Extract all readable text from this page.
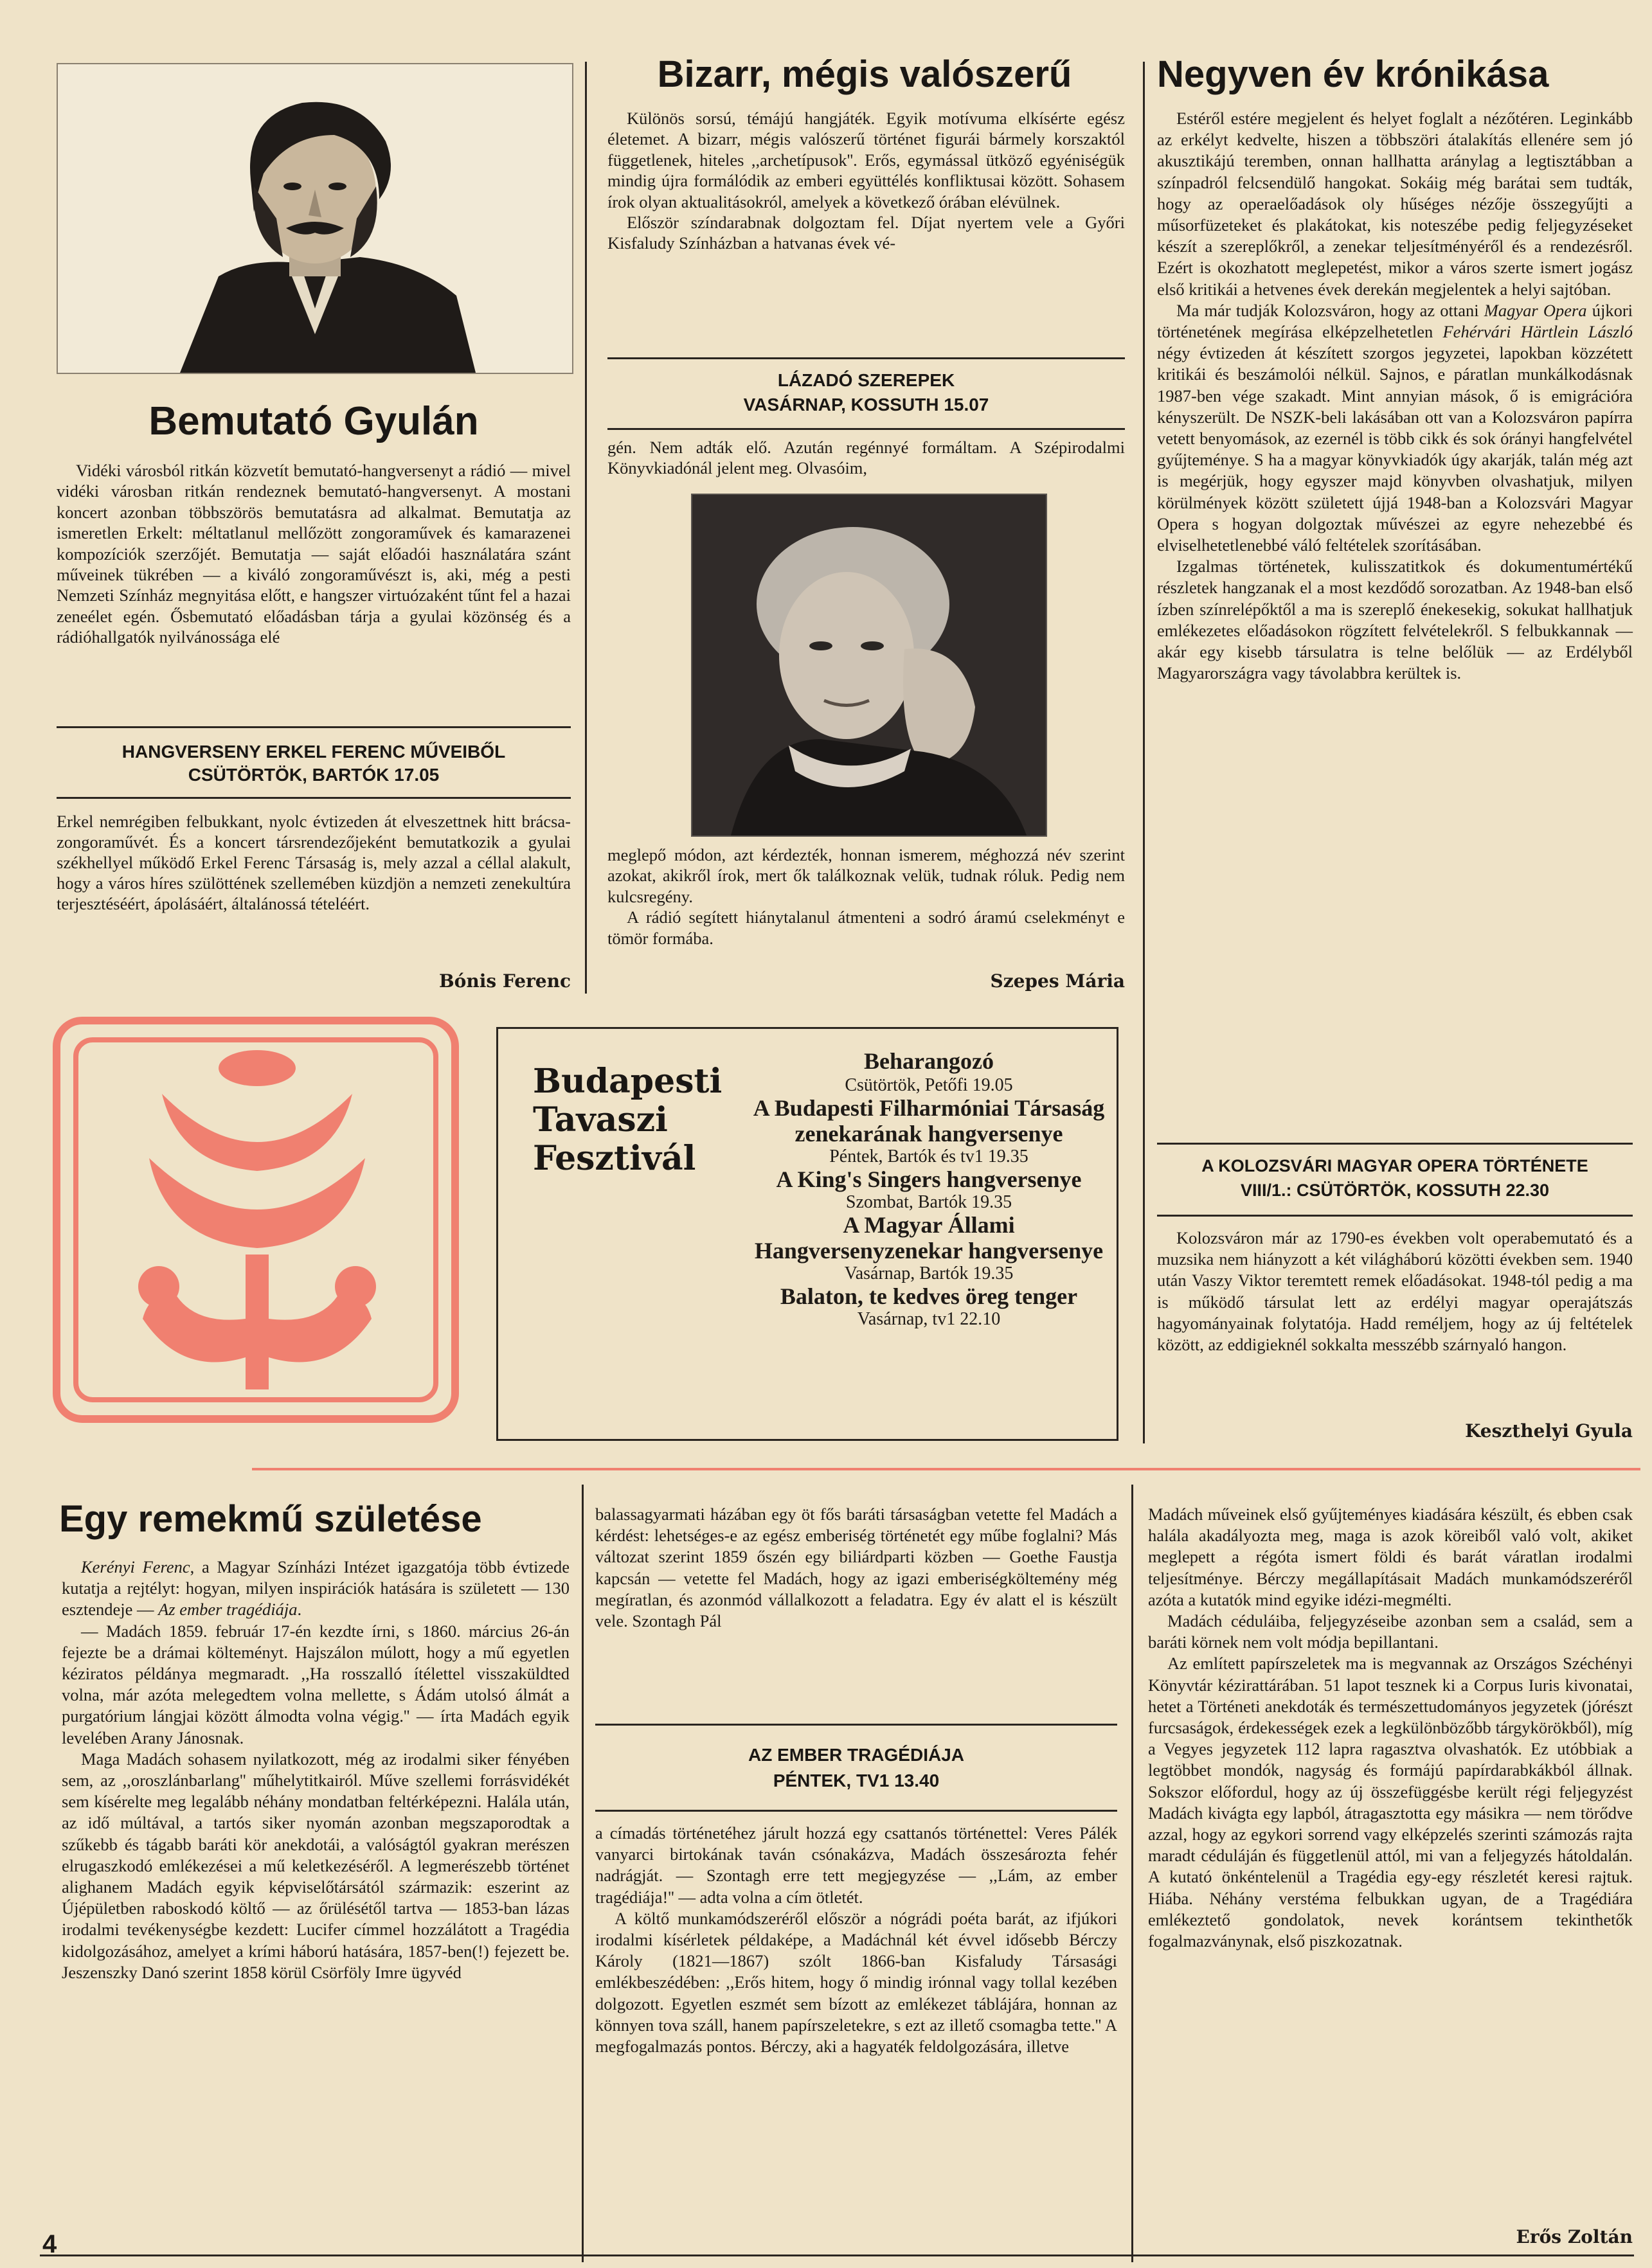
Bemutató Gyulán

Vidéki városból ritkán közvetít bemutató-hangversenyt a rádió — mivel vidéki városban ritkán rendeznek bemutató-hangversenyt. A mostani koncert azonban többszörös bemutatásra ad alkalmat. Bemutatja az ismeretlen Erkelt: méltatlanul mellőzött zongoraművek és kamarazenei kompozíciók szerzőjét. Bemutatja — saját előadói használatára szánt műveinek tükrében — a kiváló zongoraművészt is, aki, még a pesti Nemzeti Színház megnyitása előtt, e hangszer virtuózaként tűnt fel a hazai zeneélet egén. Ősbemutató előadásban tárja a gyulai közönség és a rádióhallgatók nyilvánossága elé

HANGVERSENY ERKEL FERENC MŰVEIBŐL
CSÜTÖRTÖK, BARTÓK 17.05

Erkel nemrégiben felbukkant, nyolc évtizeden át elveszettnek hitt brácsa-zongoraművét. És a koncert társrendezőjeként bemutatkozik a gyulai székhellyel működő Erkel Ferenc Társaság is, mely azzal a céllal alakult, hogy a város híres szülöttének szellemében küzdjön a nemzeti zenekultúra terjesztéséért, ápolásáért, általánossá tételéért.

Bónis Ferenc
Bizarr, mégis valószerű

Különös sorsú, témájú hangjáték. Egyik motívuma elkísérte egész életemet. A bizarr, mégis valószerű történet figurái bármely korszaktól függetlenek, hiteles ,,archetípusok''. Erős, egymással ütköző egyéniségük mindig újra formálódik az emberi együttélés konfliktusai között. Sohasem írok olyan aktualitásokról, amelyek a következő órában elévülnek.

Először színdarabnak dolgoztam fel. Díjat nyertem vele a Győri Kisfaludy Színházban a hatvanas évek vé-

LÁZADÓ SZEREPEK
VASÁRNAP, KOSSUTH 15.07

gén. Nem adták elő. Azután regénnyé formáltam. A Szépirodalmi Könyvkiadónál jelent meg. Olvasóim,

meglepő módon, azt kérdezték, honnan ismerem, méghozzá név szerint azokat, akikről írok, mert ők találkoznak velük, tudnak róluk. Pedig nem kulcsregény.

A rádió segített hiánytalanul átmenteni a sodró áramú cselekményt e tömör formába.

Szepes Mária
Negyven év krónikása

Estéről estére megjelent és helyet foglalt a nézőtéren. Leginkább az erkélyt kedvelte, hiszen a többszöri átalakítás ellenére sem jó akusztikájú teremben, onnan hallhatta aránylag a legtisztábban a színpadról felcsendülő hangokat. Sokáig még barátai sem tudták, hogy az operaelőadások oly hűséges nézője összegyűjti a műsorfüzeteket és plakátokat, kis noteszébe pedig feljegyzéseket készít a szereplőkről, a zenekar teljesítményéről és a rendezésről. Ezért is okozhatott meglepetést, mikor a város szerte ismert jogász első kritikái a hetvenes évek derekán megjelentek a helyi sajtóban.

Ma már tudják Kolozsváron, hogy az ottani Magyar Opera újkori történetének megírása elképzelhetetlen Fehérvári Härtlein László négy évtizeden át készített szorgos jegyzetei, lapokban közzétett kritikái és beszámolói nélkül. Sajnos, e páratlan munkálkodásnak 1987-ben vége szakadt. Mint annyian mások, ő is emigrációra kényszerült. De NSZK-beli lakásában ott van a Kolozsváron papírra vetett benyomások, az ezernél is több cikk és sok órányi hangfelvétel gyűjteménye. S ha a magyar könyvkiadók úgy akarják, talán még azt is megérjük, hogy egyszer majd könyvben olvashatjuk, milyen körülmények között született újjá 1948-ban a Kolozsvári Magyar Opera s hogyan dolgoztak művészei az egyre nehezebbé és elviselhetetlenebbé váló feltételek szorításában.

Izgalmas történetek, kulisszatitkok és dokumentumértékű részletek hangzanak el a most kezdődő sorozatban. Az 1948-ban első ízben színrelépőktől a ma is szereplő énekesekig, sokukat hallhatjuk emlékezetes előadásokon rögzített felvételekről. S felbukkannak — akár egy kisebb társulatra is telne belőlük — az Erdélyből Magyarországra vagy távolabbra kerültek is.

A KOLOZSVÁRI MAGYAR OPERA TÖRTÉNETE
VIII/1.: CSÜTÖRTÖK, KOSSUTH 22.30

Kolozsváron már az 1790-es években volt operabemutató és a muzsika nem hiányzott a két világháború közötti években sem. 1940 után Vaszy Viktor teremtett remek előadásokat. 1948-tól pedig a ma is működő társulat lett az erdélyi magyar operajátszás hagyományainak folytatója. Hadd reméljem, hogy az új feltételek között, az eddigieknél sokkalta messzébb szárnyaló hangon.

Keszthelyi Gyula
Budapesti
Tavaszi
Fesztivál
Beharangozó
Csütörtök, Petőfi 19.05
A Budapesti Filharmóniai Társaság zenekarának hangversenye
Péntek, Bartók és tv1 19.35
A King's Singers hangversenye
Szombat, Bartók 19.35
A Magyar Állami Hangversenyzenekar hangversenye
Vasárnap, Bartók 19.35
Balaton, te kedves öreg tenger
Vasárnap, tv1 22.10
Egy remekmű születése

Kerényi Ferenc, a Magyar Színházi Intézet igazgatója több évtizede kutatja a rejtélyt: hogyan, milyen inspirációk hatására is született — 130 esztendeje — Az ember tragédiája.

— Madách 1859. február 17-én kezdte írni, s 1860. március 26-án fejezte be a drámai költeményt. Hajszálon múlott, hogy a mű egyetlen kéziratos példánya megmaradt. ,,Ha rosszalló ítélettel visszaküldted volna, már azóta melegedtem volna mellette, s Ádám utolsó álmát a purgatórium lángjai között álmodta volna végig.'' — írta Madách egyik levelében Arany Jánosnak.

Maga Madách sohasem nyilatkozott, még az irodalmi siker fényében sem, az ,,oroszlánbarlang'' műhelytitkairól. Műve szellemi forrásvidékét sem kísérelte meg legalább néhány mondatban feltérképezni. Halála után, az idő múltával, a tartós siker nyomán azonban megszaporodtak a szűkebb és tágabb baráti kör anekdotái, a valóságtól gyakran merészen elrugaszkodó emlékezései a mű keletkezéséről. A legmerészebb történet alighanem Madách egyik képviselőtársától származik: eszerint az Újépületben raboskodó költő — az őrülésétől tartva — 1853-ban lázas irodalmi tevékenységbe kezdett: Lucifer címmel hozzálátott a Tragédia kidolgozásához, amelyet a krími háború hatására, 1857-ben(!) fejezett be. Jeszenszky Danó szerint 1858 körül Csörföly Imre ügyvéd

balassagyarmati házában egy öt fős baráti társaságban vetette fel Madách a kérdést: lehetséges-e az egész emberiség történetét egy műbe foglalni? Más változat szerint 1859 őszén egy biliárdparti közben — Goethe Faustja kapcsán — vetette fel Madách, hogy az igazi emberiségköltemény még megíratlan, és azonmód vállalkozott a feladatra. Egy év alatt el is készült vele. Szontagh Pál

AZ EMBER TRAGÉDIÁJA
PÉNTEK, TV1 13.40

a címadás történetéhez járult hozzá egy csattanós történettel: Veres Pálék vanyarci birtokának taván csónakázva, Madách összesározta fehér nadrágját. — Szontagh erre tett megjegyzése — ,,Lám, az ember tragédiája!'' — adta volna a cím ötletét.

A költő munkamódszeréről először a nógrádi poéta barát, az ifjúkori irodalmi kísérletek példaképe, a Madáchnál két évvel idősebb Bérczy Károly (1821—1867) szólt 1866-ban Kisfaludy Társasági emlékbeszédében: ,,Erős hitem, hogy ő mindig irónnal vagy tollal kezében dolgozott. Egyetlen eszmét sem bízott az emlékezet táblájára, honnan az könnyen tova száll, hanem papírszeletekre, s ezt az illető csomagba tette.'' A megfogalmazás pontos. Bérczy, aki a hagyaték feldolgozására, illetve

Madách műveinek első gyűjteményes kiadására készült, és ebben csak halála akadályozta meg, maga is azok köreiből való volt, akiket meglepett a régóta ismert földi és barát váratlan irodalmi teljesítménye. Bérczy megállapításait Madách munkamódszeréről azóta a kutatók mind egyike idézi-megmélti.

Madách céduláiba, feljegyzéseibe azonban sem a család, sem a baráti körnek nem volt módja bepillantani.

Az említett papírszeletek ma is megvannak az Országos Széchényi Könyvtár kézirattárában. 51 lapot tesznek ki a Corpus Iuris kivonatai, hetet a Történeti anekdoták és természettudományos jegyzetek (jórészt furcsaságok, érdekességek ezek a legkülönbözőbb tárgykörökből), míg a Vegyes jegyzetek 112 lapra ragasztva olvashatók. Ez utóbbiak a legtöbbet mondók, nagyság és formájú papírdarabkákból állnak. Sokszor előfordul, hogy az új összefüggésbe került régi feljegyzést Madách kivágta egy lapból, átragasztotta egy másikra — nem törődve azzal, hogy az egykori sorrend vagy elképzelés szerinti számozás rajta maradt céduláján és függetlenül attól, mi van a feljegyzés hátoldalán. A kutató önkéntelenül a Tragédia egy-egy részletét keresi rajtuk. Hiába. Néhány verstéma felbukkan ugyan, de a Tragédiára emlékeztető gondolatok, nevek korántsem tekinthetők fogalmazványnak, első piszkozatnak.

Erős Zoltán
4
